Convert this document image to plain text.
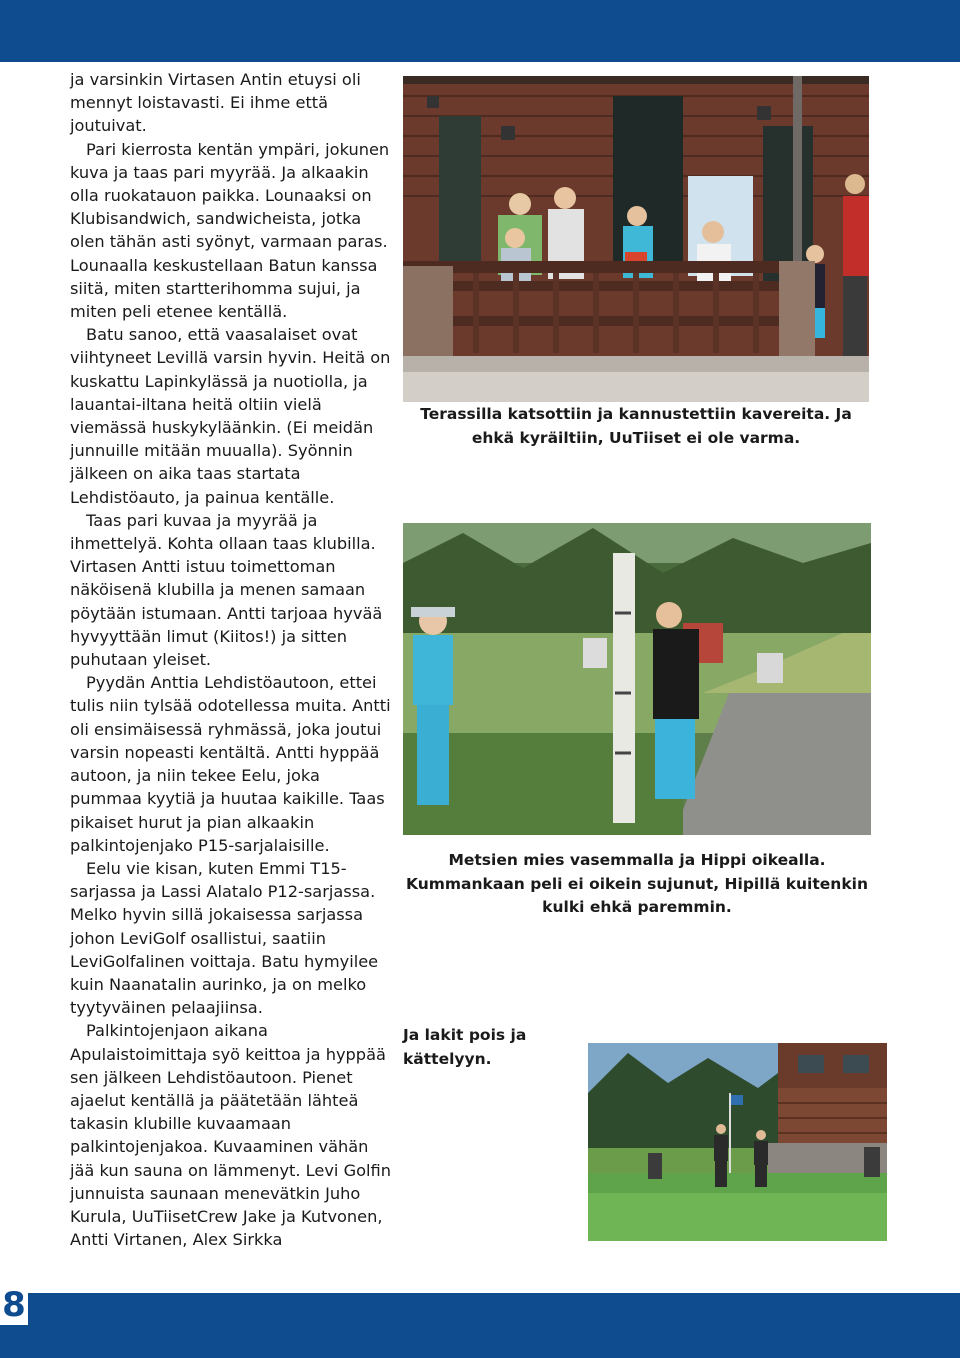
ja varsinkin Virtasen Antin etuysi oli mennyt loistavasti. Ei ihme että joutuivat.

Pari kierrosta kentän ympäri, jokunen kuva ja taas pari myyrää. Ja alkaakin olla ruokatauon paikka. Lounaaksi on Klubisandwich, sandwicheista, jotka olen tähän asti syönyt, varmaan paras. Lounaalla keskustellaan Batun kanssa siitä, miten startterihomma sujui, ja miten peli etenee kentällä.

Batu sanoo, että vaasalaiset ovat viihtyneet Levillä varsin hyvin. Heitä on kuskattu Lapinkylässä ja nuotiolla, ja lauantai-iltana heitä oltiin vielä viemässä huskykyläänkin. (Ei meidän junnuille mitään muualla). Syönnin jälkeen on aika taas startata Lehdistöauto, ja painua kentälle.

Taas pari kuvaa ja myyrää ja ihmettelyä. Kohta ollaan taas klubilla. Virtasen Antti istuu toimettoman näköisenä klubilla ja menen samaan pöytään istumaan. Antti tarjoaa hyvää hyvyyttään limut (Kiitos!) ja sitten puhutaan yleiset.

Pyydän Anttia Lehdistöautoon, ettei tulis niin tylsää odotellessa muita. Antti oli ensimäisessä ryhmässä, joka joutui varsin nopeasti kentältä. Antti hyppää autoon, ja niin tekee Eelu, joka pummaa kyytiä ja huutaa kaikille. Taas pikaiset hurut ja pian alkaakin palkintojenjako P15-sarjalaisille.

Eelu vie kisan, kuten Emmi T15-sarjassa ja Lassi Alatalo P12-sarjassa. Melko hyvin sillä jokaisessa sarjassa johon LeviGolf osallistui, saatiin LeviGolfalinen voittaja. Batu hymyilee kuin Naanatalin aurinko, ja on melko tyytyväinen pelaajiinsa.

Palkintojenjaon aikana Apulaistoimittaja syö keittoa ja hyppää sen jälkeen Lehdistöautoon. Pienet ajaelut kentällä ja päätetään lähteä takasin klubille kuvaamaan palkintojenjakoa. Kuvaaminen vähän jää kun sauna on lämmenyt. Levi Golfin junnuista saunaan menevätkin Juho Kurula, UuTiisetCrew Jake ja Kutvonen, Antti Virtanen, Alex Sirkka

Terassilla katsottiin ja kannustettiin kavereita. Ja ehkä kyräiltiin, UuTiiset ei ole varma.
Metsien mies vasemmalla ja Hippi oikealla. Kummankaan peli ei oikein sujunut, Hipillä kuitenkin kulki ehkä paremmin.
Ja lakit pois ja kättelyyn.
8
